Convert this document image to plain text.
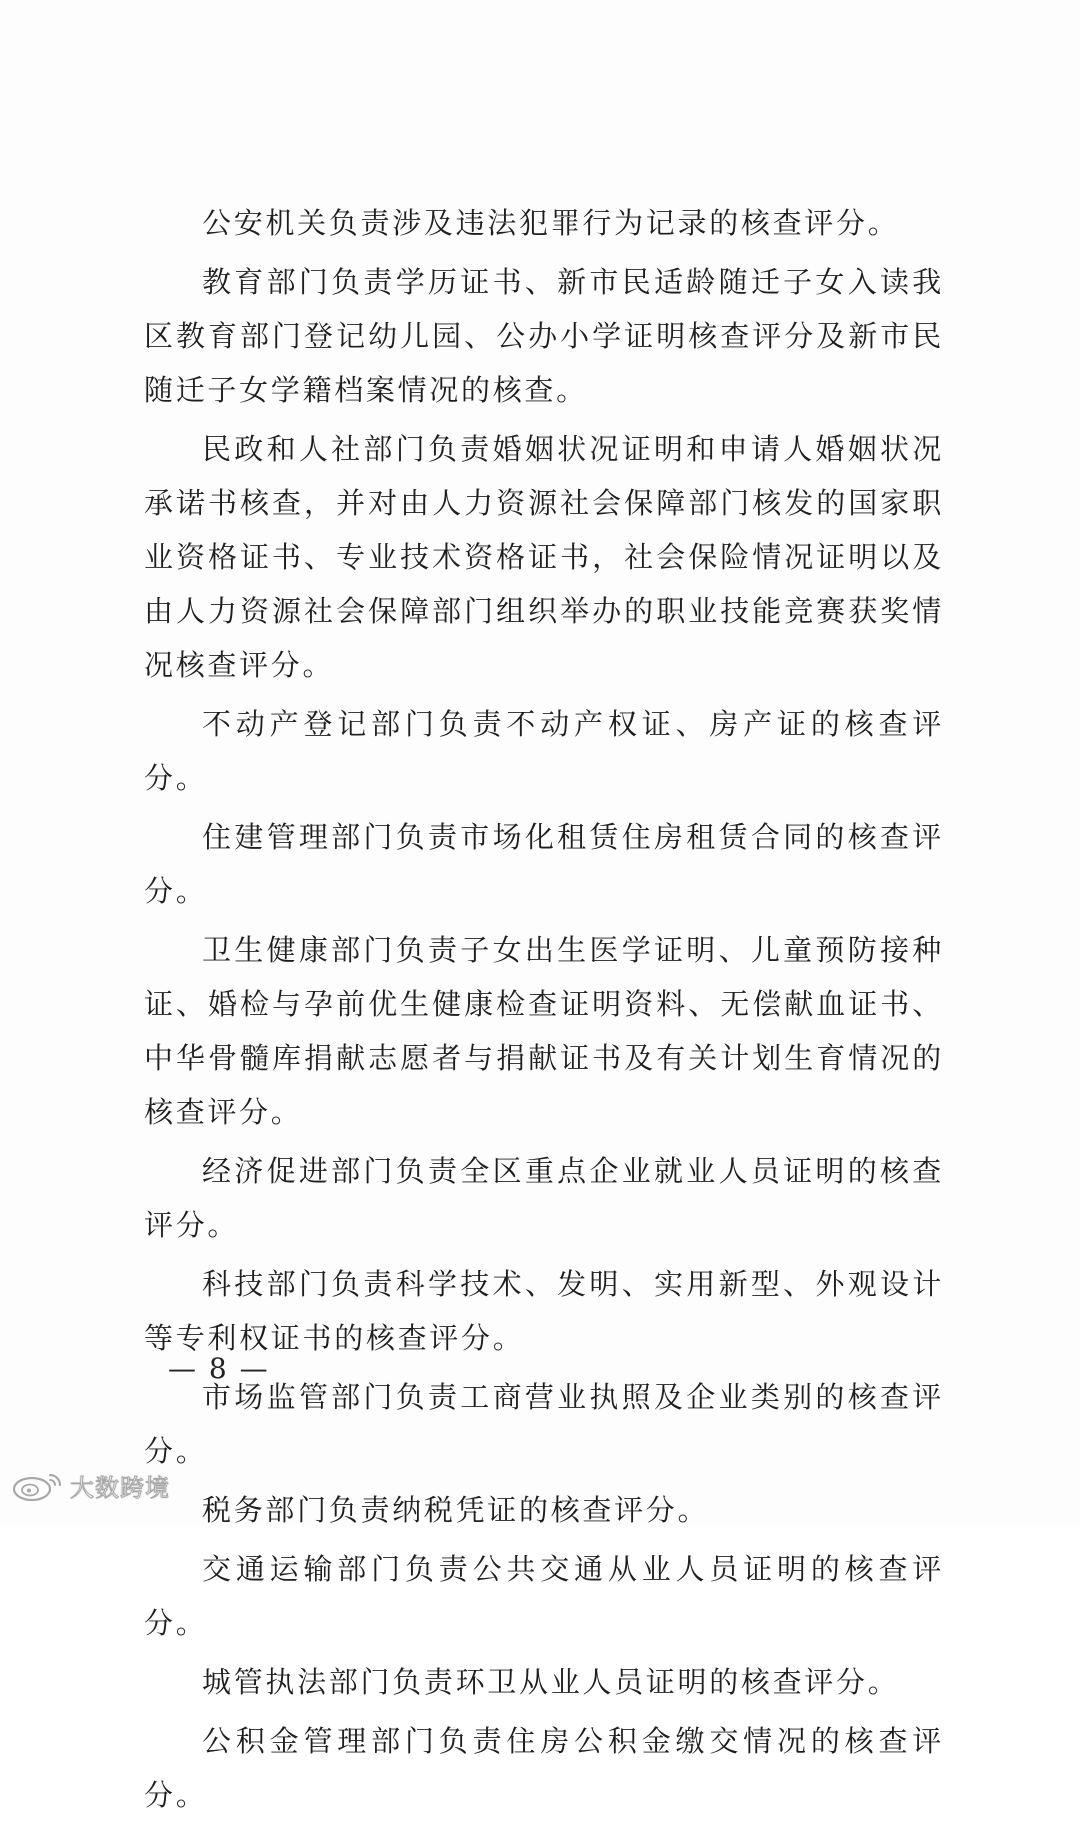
公安机关负责涉及违法犯罪行为记录的核查评分。

教育部门负责学历证书、新市民适龄随迁子女入读我区教育部门登记幼儿园、公办小学证明核查评分及新市民随迁子女学籍档案情况的核查。

民政和人社部门负责婚姻状况证明和申请人婚姻状况承诺书核查，并对由人力资源社会保障部门核发的国家职业资格证书、专业技术资格证书，社会保险情况证明以及由人力资源社会保障部门组织举办的职业技能竞赛获奖情况核查评分。

不动产登记部门负责不动产权证、房产证的核查评分。

住建管理部门负责市场化租赁住房租赁合同的核查评分。

卫生健康部门负责子女出生医学证明、儿童预防接种证、婚检与孕前优生健康检查证明资料、无偿献血证书、中华骨髓库捐献志愿者与捐献证书及有关计划生育情况的核查评分。

经济促进部门负责全区重点企业就业人员证明的核查评分。

科技部门负责科学技术、发明、实用新型、外观设计等专利权证书的核查评分。

市场监管部门负责工商营业执照及企业类别的核查评分。

税务部门负责纳税凭证的核查评分。

交通运输部门负责公共交通从业人员证明的核查评分。

城管执法部门负责环卫从业人员证明的核查评分。

公积金管理部门负责住房公积金缴交情况的核查评分。

— 8 —
大数跨境
